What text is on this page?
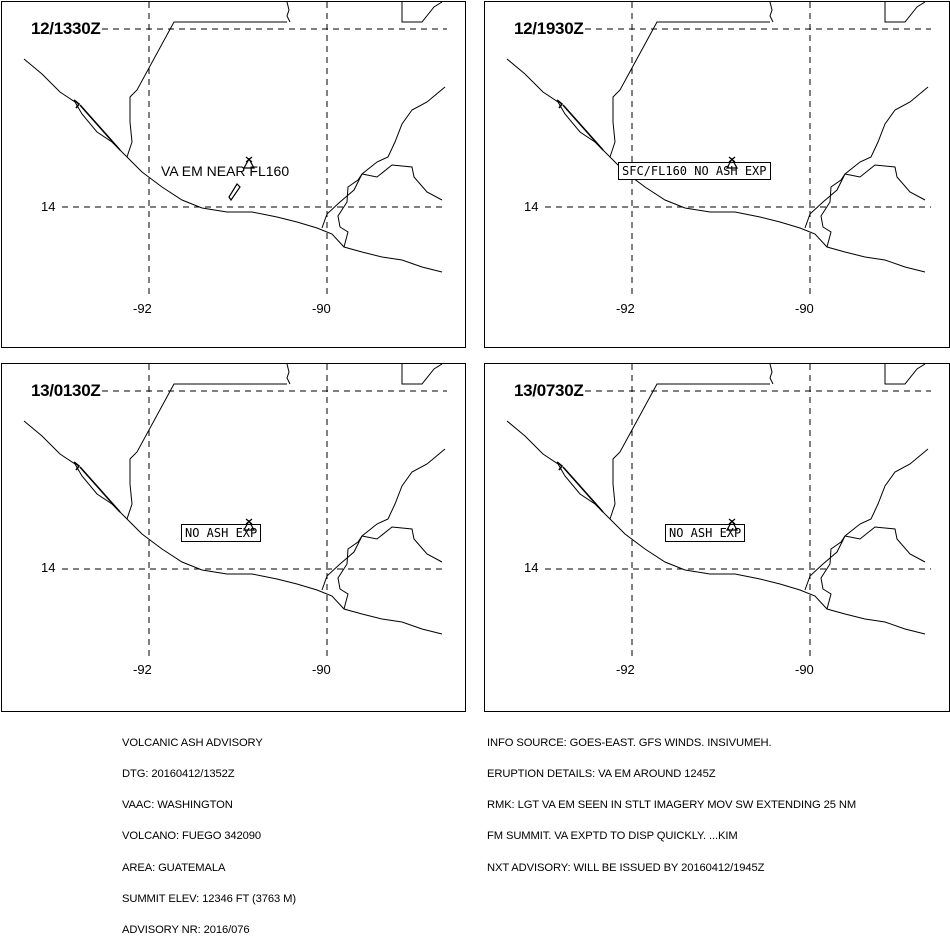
12/1330Z
14
-92	-90
VA EM NEAR FL160
12/1930Z
14
-92	-90
SFC/FL160 NO ASH EXP
13/0130Z
14
-92	-90
NO ASH EXP
13/0730Z
14
-92	-90
NO ASH EXP

VOLCANIC ASH ADVISORY

DTG: 20160412/1352Z

VAAC: WASHINGTON

VOLCANO: FUEGO 342090

AREA: GUATEMALA

SUMMIT ELEV: 12346 FT (3763 M)

ADVISORY NR: 2016/076

INFO SOURCE: GOES-EAST. GFS WINDS. INSIVUMEH.

ERUPTION DETAILS: VA EM AROUND 1245Z

RMK: LGT VA EM SEEN IN STLT IMAGERY MOV SW EXTENDING 25 NM

FM SUMMIT. VA EXPTD TO DISP QUICKLY. ...KIM

NXT ADVISORY: WILL BE ISSUED BY 20160412/1945Z
